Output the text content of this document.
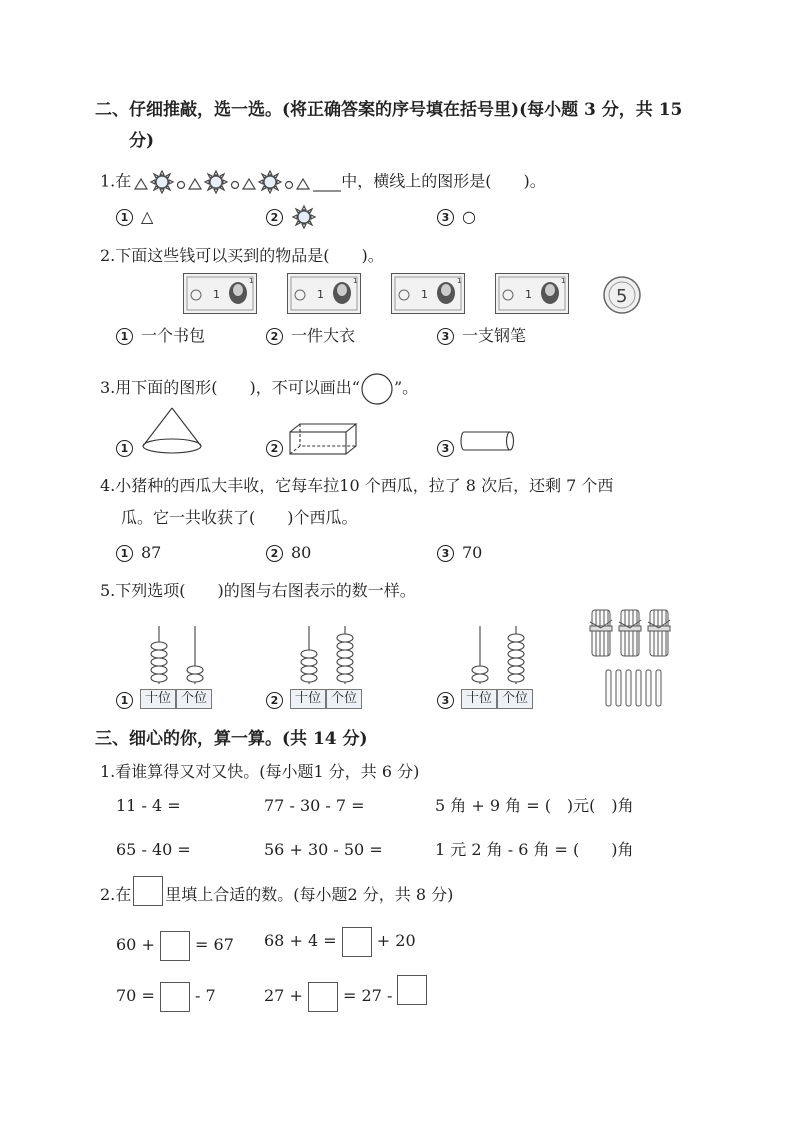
二、仔细推敲，选一选。(将正确答案的序号填在括号里)(每小题 3 分，共 15
分)
1.在	中，横线上的图形是(　　)。
1 △	2	3 ○
2.下面这些钱可以买到的物品是(　　)。
1
1
5
1 一个书包	2 一件大衣	3 一支钢笔
3.用下面的图形(　　)，不可以画出“ ”。
1	2	3
4.小猪种的西瓜大丰收，它每车拉10 个西瓜，拉了 8 次后，还剩 7 个西
瓜。它一共收获了(　　)个西瓜。
1 87	2 80	3 70
5.下列选项(　　)的图与右图表示的数一样。
1	十位 个位	2	十位 个位	3	十位 个位
三、细心的你，算一算。(共 14 分)
1.看谁算得又对又快。(每小题1 分，共 6 分)
11 - 4 =	77 - 30 - 7 =	5 角 + 9 角 = (　)元(　)角
65 - 40 =	56 + 30 - 50 =	1 元 2 角 - 6 角 = (　　)角
2.在 里填上合适的数。(每小题2 分，共 8 分)
60 +	= 67 68 + 4 =	+ 20
70 =	- 7	27 +	= 27 -
